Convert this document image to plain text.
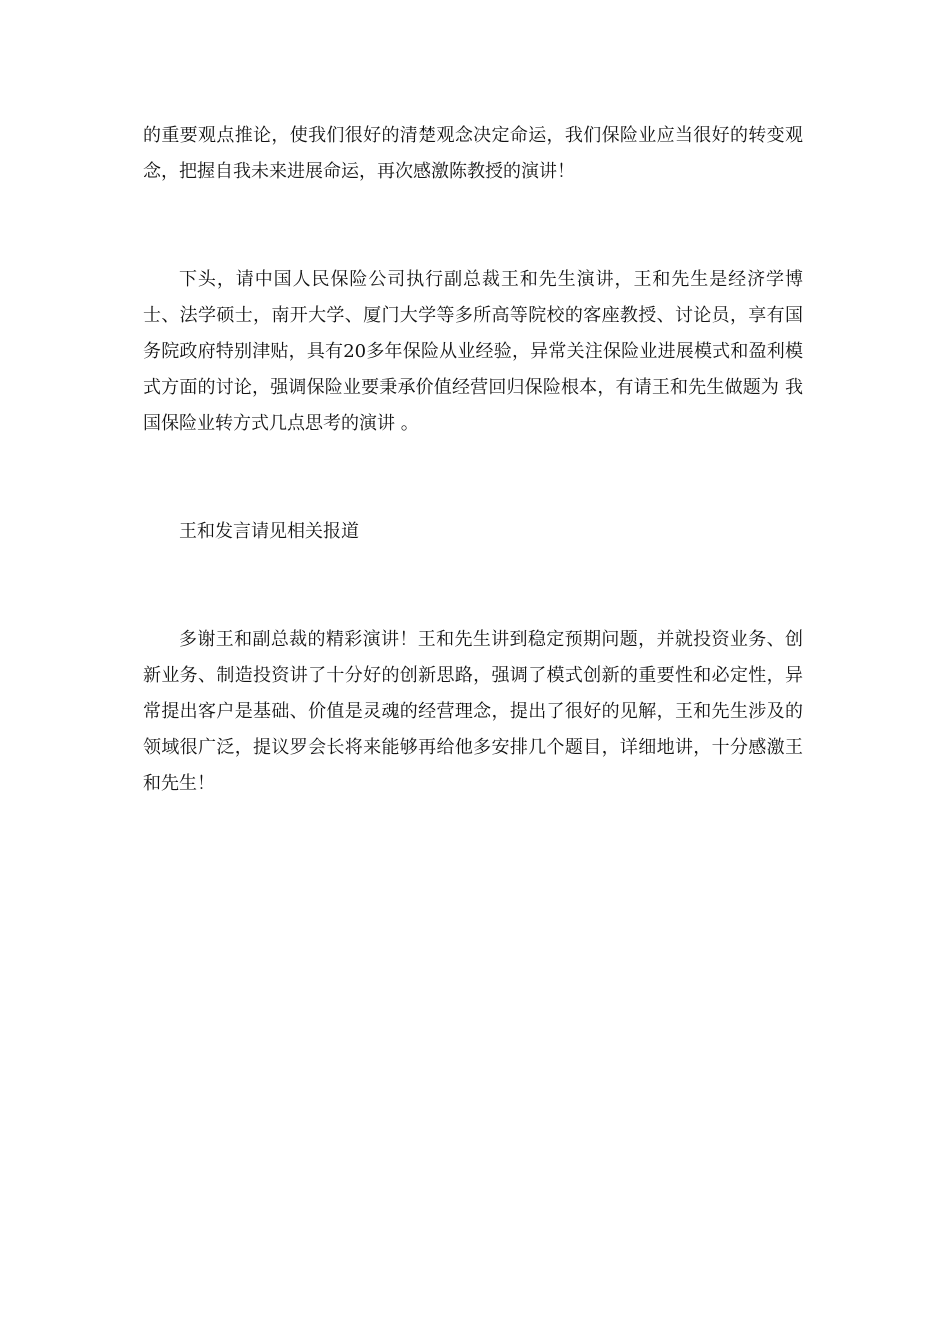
的重要观点推论，使我们很好的清楚观念决定命运，我们保险业应当很好的转变观念，把握自我未来进展命运，再次感激陈教授的演讲！

下头，请中国人民保险公司执行副总裁王和先生演讲，王和先生是经济学博士、法学硕士，南开大学、厦门大学等多所高等院校的客座教授、讨论员，享有国务院政府特别津贴，具有20多年保险从业经验，异常关注保险业进展模式和盈利模式方面的讨论，强调保险业要秉承价值经营回归保险根本，有请王和先生做题为 我国保险业转方式几点思考的演讲 。

王和发言请见相关报道

多谢王和副总裁的精彩演讲！王和先生讲到稳定预期问题，并就投资业务、创新业务、制造投资讲了十分好的创新思路，强调了模式创新的重要性和必定性，异常提出客户是基础、价值是灵魂的经营理念，提出了很好的见解，王和先生涉及的领域很广泛，提议罗会长将来能够再给他多安排几个题目，详细地讲，十分感激王和先生！
